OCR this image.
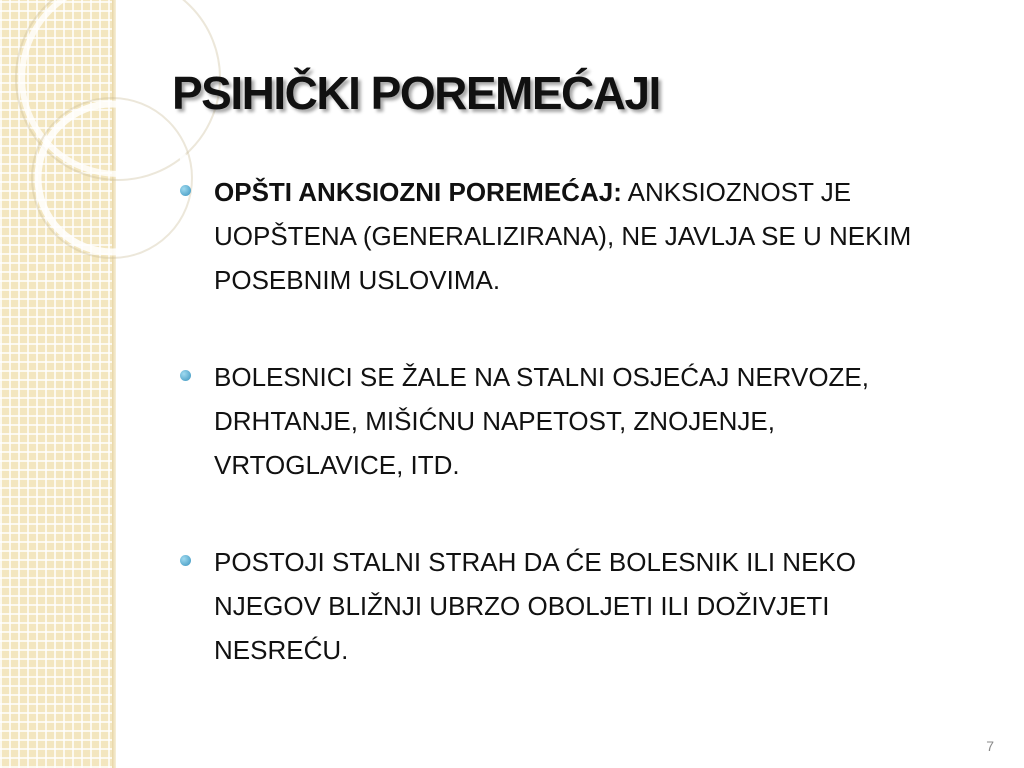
PSIHIČKI POREMEĆAJI
OPŠTI ANKSIOZNI POREMEĆAJ: ANKSIOZNOST JE UOPŠTENA (GENERALIZIRANA), NE JAVLJA SE U NEKIM POSEBNIM USLOVIMA.
BOLESNICI SE ŽALE NA STALNI OSJEĆAJ NERVOZE, DRHTANJE, MIŠIĆNU NAPETOST, ZNOJENJE, VRTOGLAVICE, ITD.
POSTOJI STALNI STRAH DA ĆE BOLESNIK ILI NEKO NJEGOV BLIŽNJI UBRZO OBOLJETI ILI DOŽIVJETI NESREĆU.
7
